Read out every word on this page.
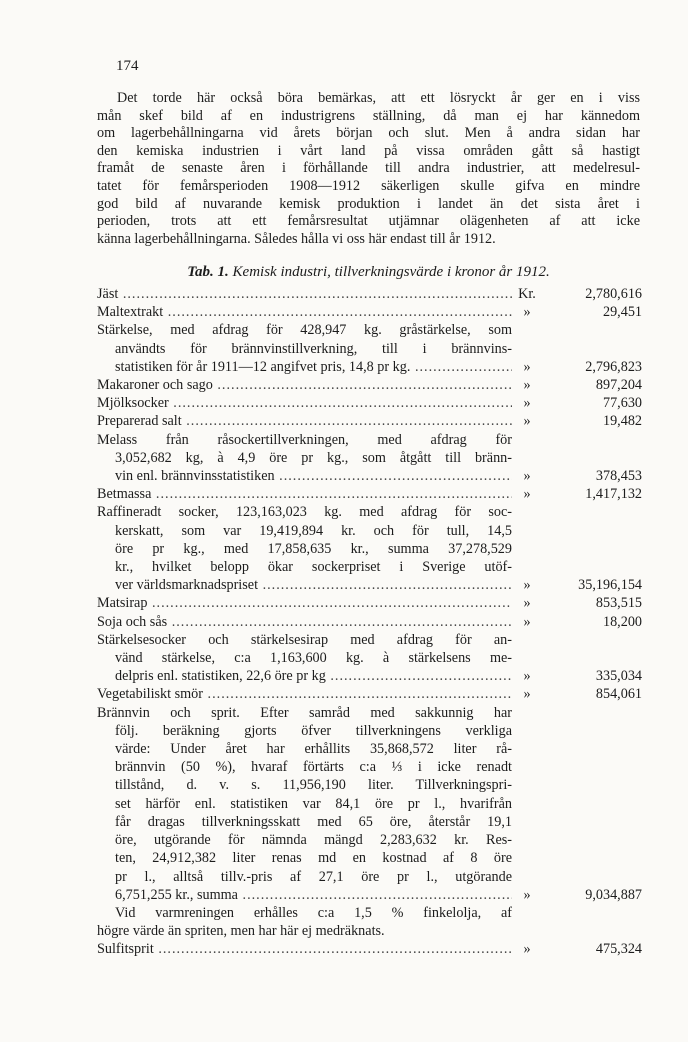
174
Det torde här också böra bemärkas, att ett lösryckt år ger en i viss
mån skef bild af en industrigrens ställning, då man ej har kännedom
om lagerbehållningarna vid årets början och slut. Men å andra sidan har
den kemiska industrien i vårt land på vissa områden gått så hastigt
framåt de senaste åren i förhållande till andra industrier, att medelresul-
tatet för femårsperioden 1908—1912 säkerligen skulle gifva en mindre
god bild af nuvarande kemisk produktion i landet än det sista året i
perioden, trots att ett femårsresultat utjämnar olägenheten af att icke
känna lagerbehållningarna. Således hålla vi oss här endast till år 1912.
Tab. 1. Kemisk industri, tillverkningsvärde i kronor år 1912.
Jäst .....	Kr.	2,780,616
Maltextrakt .....	»	29,451
Stärkelse, med afdrag för 428,947 kg. gråstärkelse, som
användts för brännvinstillverkning, till i brännvins-
statistiken för år 1911—12 angifvet pris, 14,8 pr kg. .....	»	2,796,823
Makaroner och sago .....	»	897,204
Mjölksocker .....	»	77,630
Preparerad salt .....	»	19,482
Melass från råsockertillverkningen, med afdrag för
3,052,682 kg, à 4,9 öre pr kg., som åtgått till bränn-
vin enl. brännvinsstatistiken .....	»	378,453
Betmassa .....	»	1,417,132
Raffineradt socker, 123,163,023 kg. med afdrag för soc-
kerskatt, som var 19,419,894 kr. och för tull, 14,5
öre pr kg., med 17,858,635 kr., summa 37,278,529
kr., hvilket belopp ökar sockerpriset i Sverige utöf-
ver världsmarknadspriset .....	»	35,196,154
Matsirap .....	»	853,515
Soja och sås .....	»	18,200
Stärkelsesocker och stärkelsesirap med afdrag för an-
vänd stärkelse, c:a 1,163,600 kg. à stärkelsens me-
delpris enl. statistiken, 22,6 öre pr kg .....	»	335,034
Vegetabiliskt smör .....	»	854,061
Brännvin och sprit. Efter samråd med sakkunnig har
följ. beräkning gjorts öfver tillverkningens verkliga
värde: Under året har erhållits 35,868,572 liter rå-
brännvin (50 %), hvaraf förtärts c:a ⅓ i icke renadt
tillstånd, d. v. s. 11,956,190 liter. Tillverkningspri-
set härför enl. statistiken var 84,1 öre pr l., hvarifrån
får dragas tillverkningsskatt med 65 öre, återstår 19,1
öre, utgörande för nämnda mängd 2,283,632 kr. Res-
ten, 24,912,382 liter renas md en kostnad af 8 öre
pr l., alltså tillv.-pris af 27,1 öre pr l., utgörande
6,751,255 kr., summa .....	»	9,034,887
Vid varmreningen erhålles c:a 1,5 % finkelolja, af
högre värde än spriten, men har här ej medräknats.
Sulfitsprit .....	»	475,324
